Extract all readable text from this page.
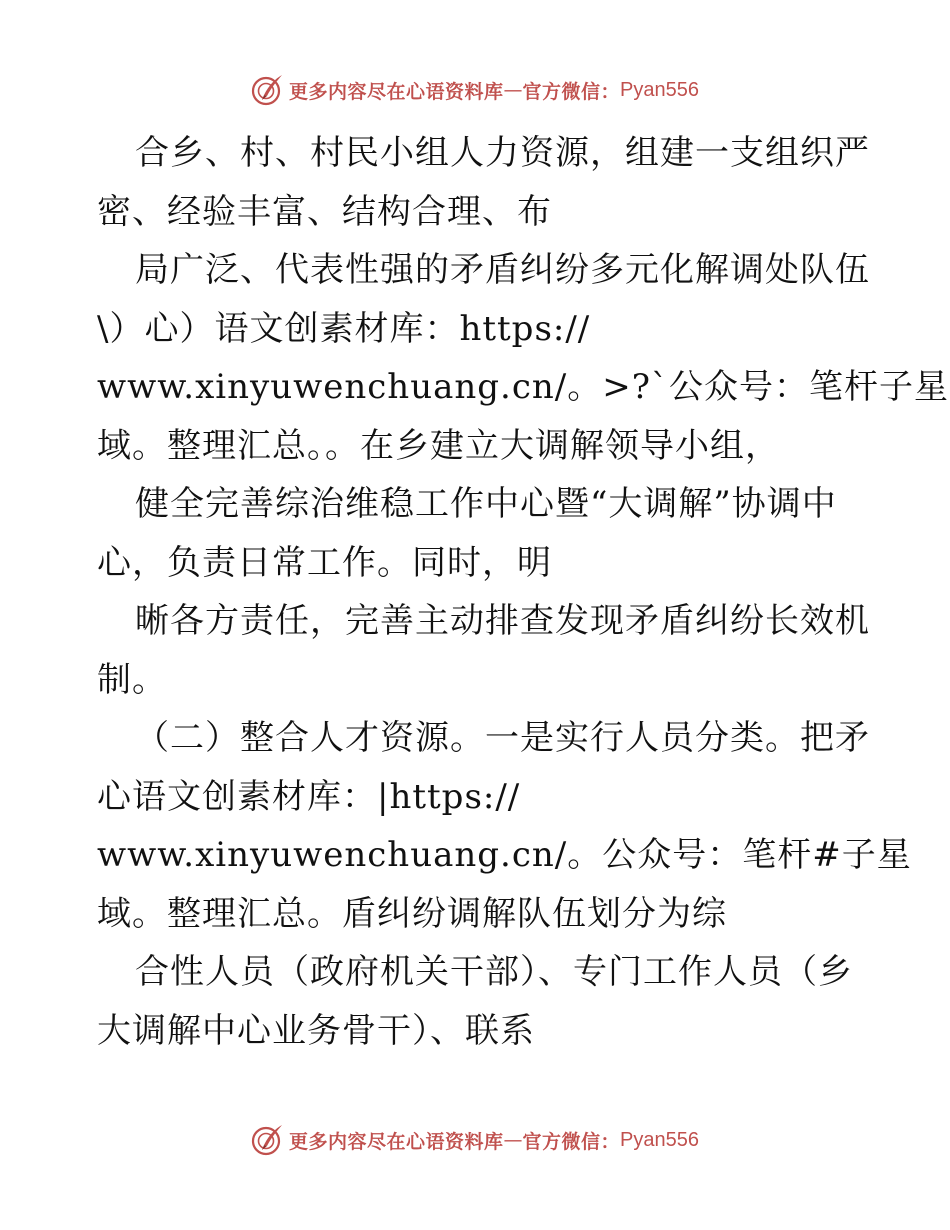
更多内容尽在心语资料库 — 官方微信： Pyan556
合乡、村、村民小组人力资源，组建一支组织严
密、经验丰富、结构合理、布
局广泛、代表性强的矛盾纠纷多元化解调处队伍
\）心）语文创素材库：https://
www.xinyuwenchuang.cn/。>?`公众号：笔杆子星
域。整理汇总。。在乡建立大调解领导小组，
健全完善综治维稳工作中心暨“大调解”协调中
心，负责日常工作。同时，明
晰各方责任，完善主动排查发现矛盾纠纷长效机
制。
（二）整合人才资源。一是实行人员分类。把矛
心语文创素材库：|https://
www.xinyuwenchuang.cn/。公众号：笔杆#子星
域。整理汇总。盾纠纷调解队伍划分为综
合性人员（政府机关干部）、专门工作人员（乡
大调解中心业务骨干）、联系
更多内容尽在心语资料库 — 官方微信： Pyan556
